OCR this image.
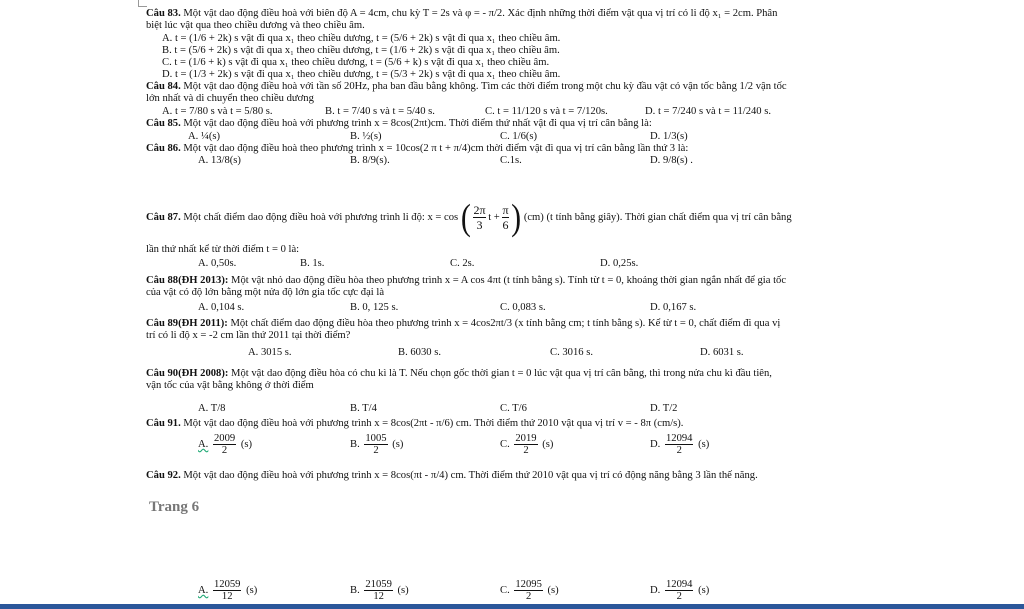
Câu 83. Một vật dao động điều hoà với biên độ A = 4cm, chu kỳ T = 2s và φ = - π/2. Xác định những thời điểm vật qua vị trí có li độ x₁ = 2cm. Phân
biệt lúc vật qua theo chiều dương và theo chiều âm.
A. t = (1/6 + 2k) s vật đi qua x₁ theo chiều dương, t = (5/6 + 2k) s vật đi qua x₁ theo chiều âm.
B. t = (5/6 + 2k) s vật đi qua x₁ theo chiều dương, t = (1/6 + 2k) s vật đi qua x₁ theo chiều âm.
C. t = (1/6 + k) s vật đi qua x₁ theo chiều dương, t = (5/6 + k) s vật đi qua x₁ theo chiều âm.
D. t = (1/3 + 2k) s vật đi qua x₁ theo chiều dương, t = (5/3 + 2k) s vật đi qua x₁ theo chiều âm.
Câu 84. Một vật dao động điều hoà với tần số 20Hz, pha ban đầu bằng không. Tìm các thời điểm trong một chu kỳ đầu vật có vận tốc bằng 1/2 vận tốc
lớn nhất và di chuyển theo chiều dương
A. t = 7/80 s và t = 5/80 s.	B. t = 7/40 s và t = 5/40 s.	C. t = 11/120 s và t = 7/120s.	D. t = 7/240 s và t = 11/240 s.
Câu 85. Một vật dao động điều hoà với phương trình x = 8cos(2πt)cm. Thời điểm thứ nhất vật đi qua vị trí cân bằng là:
A. ¼(s)	B. ½(s)	C. 1/6(s)	D. 1/3(s)
Câu 86. Một vật dao động điều hoà theo phương trình x = 10cos(2 π t + π/4)cm thời điểm vật đi qua vị trí cân bằng lần thứ 3 là:
A. 13/8(s)	B. 8/9(s).	C.1s.	D. 9/8(s) .
Câu 87. Một chất điểm dao động điều hoà với phương trình li độ: x = cos ( $\frac{2\pi}{3}$ $t + \frac{\pi}{6}$ ) (cm) (t tính bằng giây). Thời gian chất điểm qua vị trí cân bằng
lần thứ nhất kể từ thời điểm t = 0 là:
A. 0,50s.	B. 1s.	C. 2s.	D. 0,25s.
Câu 88(ĐH 2013): Một vật nhỏ dao động điều hòa theo phương trình x = A cos 4πt (t tính bằng s). Tính từ t = 0, khoảng thời gian ngắn nhất để gia tốc
của vật có độ lớn bằng một nửa độ lớn gia tốc cực đại là
A. 0,104 s.	B. 0, 125 s.	C. 0,083 s.	D. 0,167 s.
Câu 89(ĐH 2011): Một chất điểm dao động điều hòa theo phương trình x = 4cos2πt/3 (x tính bằng cm; t tính bằng s). Kể từ t = 0, chất điểm đi qua vị
trí có li độ x = -2 cm lần thứ 2011 tại thời điểm?
A. 3015 s.	B. 6030 s.	C. 3016 s.	D. 6031 s.
Câu 90(ĐH 2008): Một vật dao động điều hòa có chu kì là T. Nếu chọn gốc thời gian t = 0 lúc vật qua vị trí cân bằng, thì trong nửa chu kì đầu tiên,
vận tốc của vật bằng không ở thời điểm
A. T/8	B. T/4	C. T/6	D. T/2
Câu 91. Một vật dao động điều hoà với phương trình x = 8cos(2πt - π/6) cm. Thời điểm thứ 2010 vật qua vị trí v = - 8π (cm/s).
A. $\frac{2009}{2} (s)$	B. $\frac{1005}{2} (s)$	C. $\frac{2019}{2} (s)$	D. $\frac{12094}{2} (s)$
Câu 92. Một vật dao động điều hoà với phương trình x = 8cos(πt - π/4) cm. Thời điểm thứ 2010 vật qua vị trí có động năng bằng 3 lần thế năng.
Trang 6
A. $\frac{12059}{12} (s)$	B. $\frac{21059}{12} (s)$	C. $\frac{12095}{2} (s)$	D. $\frac{12094}{2} (s)$
